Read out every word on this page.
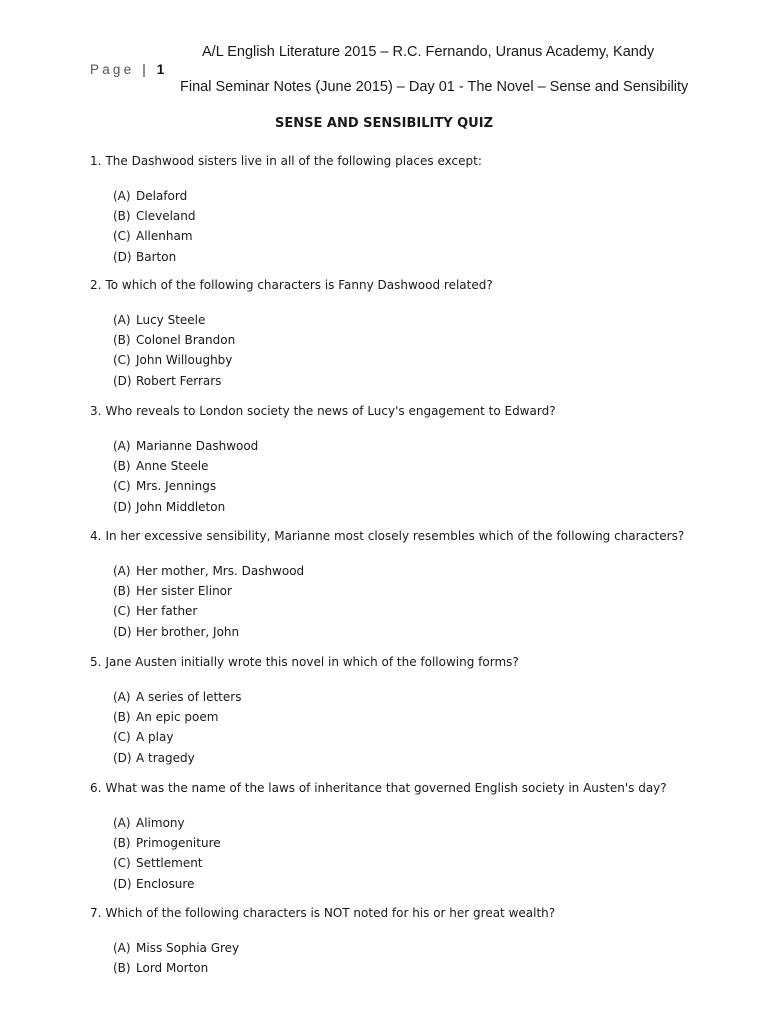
A/L English Literature 2015 – R.C. Fernando, Uranus Academy, Kandy
Page | 1
Final Seminar Notes (June 2015) – Day 01 - The Novel – Sense and Sensibility
SENSE AND SENSIBILITY QUIZ
1. The Dashwood sisters live in all of the following places except:
(A) Delaford
(B) Cleveland
(C) Allenham
(D) Barton
2. To which of the following characters is Fanny Dashwood related?
(A) Lucy Steele
(B) Colonel Brandon
(C) John Willoughby
(D) Robert Ferrars
3. Who reveals to London society the news of Lucy's engagement to Edward?
(A) Marianne Dashwood
(B) Anne Steele
(C) Mrs. Jennings
(D) John Middleton
4. In her excessive sensibility, Marianne most closely resembles which of the following characters?
(A) Her mother, Mrs. Dashwood
(B) Her sister Elinor
(C) Her father
(D) Her brother, John
5. Jane Austen initially wrote this novel in which of the following forms?
(A) A series of letters
(B) An epic poem
(C) A play
(D) A tragedy
6. What was the name of the laws of inheritance that governed English society in Austen's day?
(A) Alimony
(B) Primogeniture
(C) Settlement
(D) Enclosure
7. Which of the following characters is NOT noted for his or her great wealth?
(A) Miss Sophia Grey
(B) Lord Morton
